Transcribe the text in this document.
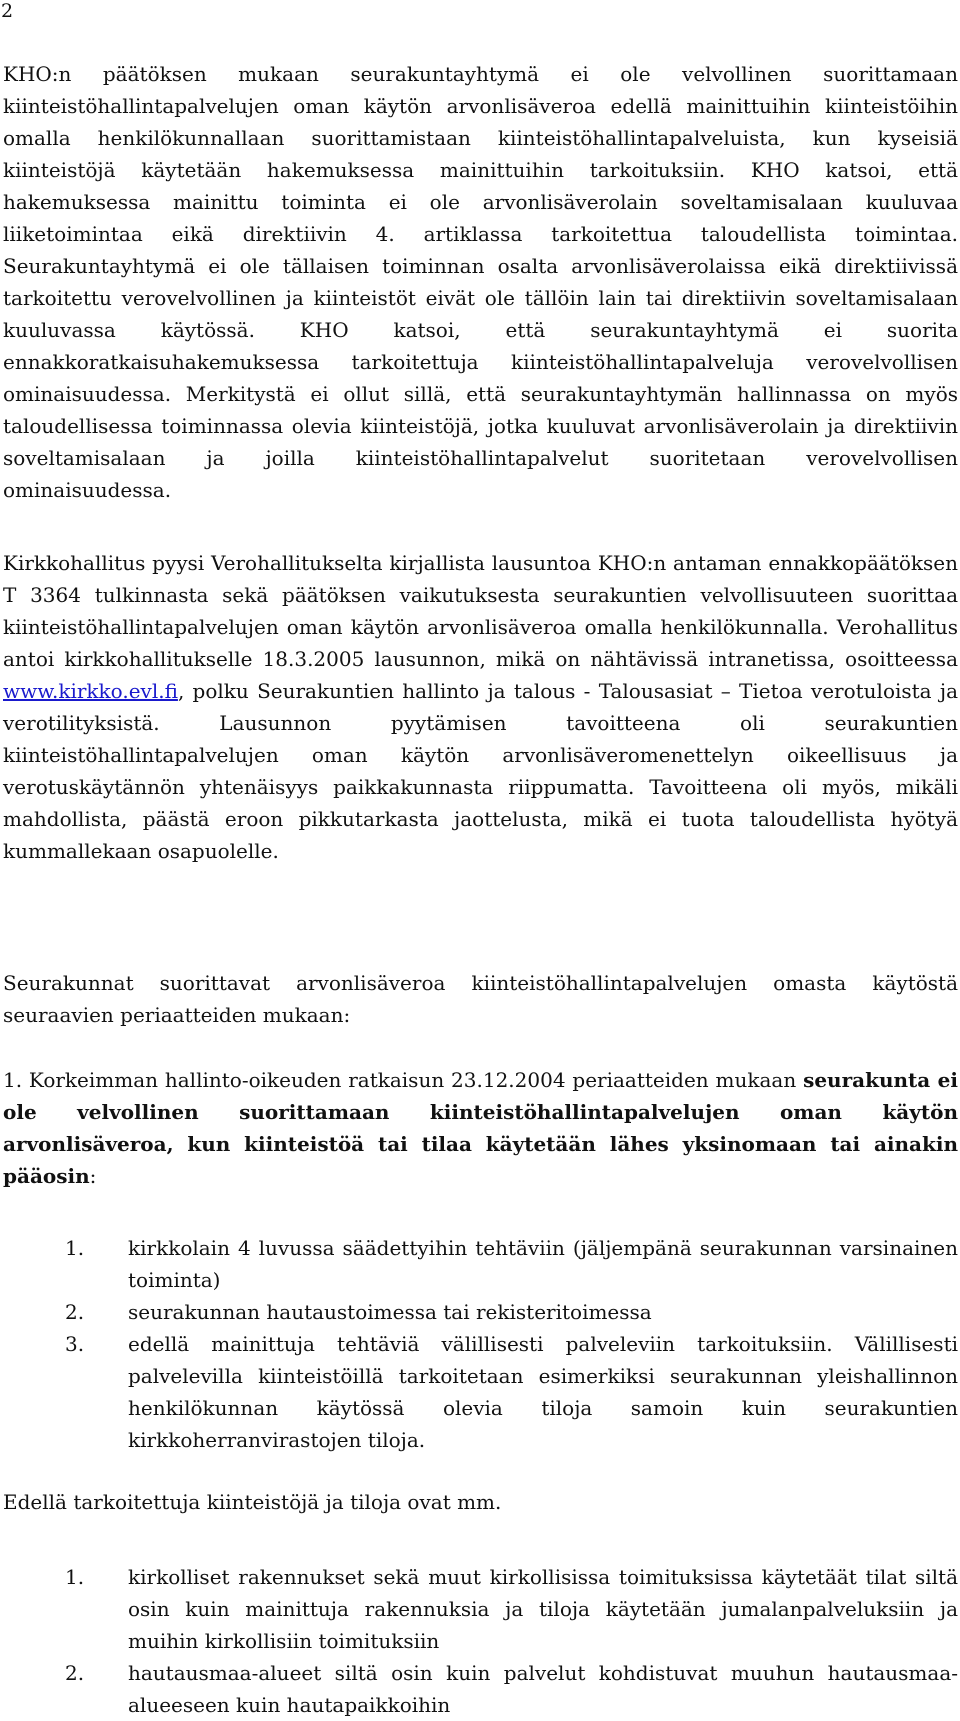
2

KHO:n päätöksen mukaan seurakuntayhtymä ei ole velvollinen suorittamaan kiinteistöhallintapalvelujen oman käytön arvonlisäveroa edellä mainittuihin kiinteistöihin omalla henkilökunnallaan suorittamistaan kiinteistöhallintapalveluista, kun kyseisiä kiinteistöjä käytetään hakemuksessa mainittuihin tarkoituksiin. KHO katsoi, että hakemuksessa mainittu toiminta ei ole arvonlisäverolain soveltamisalaan kuuluvaa liiketoimintaa eikä direktiivin 4. artiklassa tarkoitettua taloudellista toimintaa. Seurakuntayhtymä ei ole tällaisen toiminnan osalta arvonlisäverolaissa eikä direktiivissä tarkoitettu verovelvollinen ja kiinteistöt eivät ole tällöin lain tai direktiivin soveltamisalaan kuuluvassa käytössä. KHO katsoi, että seurakuntayhtymä ei suorita ennakkoratkaisuhakemuksessa tarkoitettuja kiinteistöhallintapalveluja verovelvollisen ominaisuudessa. Merkitystä ei ollut sillä, että seurakuntayhtymän hallinnassa on myös taloudellisessa toiminnassa olevia kiinteistöjä, jotka kuuluvat arvonlisäverolain ja direktiivin soveltamisalaan ja joilla kiinteistöhallintapalvelut suoritetaan verovelvollisen ominaisuudessa.

Kirkkohallitus pyysi Verohallitukselta kirjallista lausuntoa KHO:n antaman ennakkopäätöksen T 3364 tulkinnasta sekä päätöksen vaikutuksesta seurakuntien velvollisuuteen suorittaa kiinteistöhallintapalvelujen oman käytön arvonlisäveroa omalla henkilökunnalla. Verohallitus antoi kirkkohallitukselle 18.3.2005 lausunnon, mikä on nähtävissä intranetissa, osoitteessa www.kirkko.evl.fi, polku Seurakuntien hallinto ja talous - Talousasiat – Tietoa verotuloista ja verotilityksistä. Lausunnon pyytämisen tavoitteena oli seurakuntien kiinteistöhallintapalvelujen oman käytön arvonlisäveromenettelyn oikeellisuus ja verotuskäytännön yhtenäisyys paikkakunnasta riippumatta. Tavoitteena oli myös, mikäli mahdollista, päästä eroon pikkutarkasta jaottelusta, mikä ei tuota taloudellista hyötyä kummallekaan osapuolelle.

Seurakunnat suorittavat arvonlisäveroa kiinteistöhallintapalvelujen omasta käytöstä seuraavien periaatteiden mukaan:

1. Korkeimman hallinto-oikeuden ratkaisun 23.12.2004 periaatteiden mukaan seurakunta ei ole velvollinen suorittamaan kiinteistöhallintapalvelujen oman käytön arvonlisäveroa, kun kiinteistöä tai tilaa käytetään lähes yksinomaan tai ainakin pääosin:

1. kirkkolain 4 luvussa säädettyihin tehtäviin (jäljempänä seurakunnan varsinainen toiminta)
2. seurakunnan hautaustoimessa tai rekisteritoimessa
3. edellä mainittuja tehtäviä välillisesti palveleviin tarkoituksiin. Välillisesti palvelevilla kiinteistöillä tarkoitetaan esimerkiksi seurakunnan yleishallinnon henkilökunnan käytössä olevia tiloja samoin kuin seurakuntien kirkkoherranvirastojen tiloja.

Edellä tarkoitettuja kiinteistöjä ja tiloja ovat mm.

1. kirkolliset rakennukset sekä muut kirkollisissa toimituksissa käytetäät tilat siltä osin kuin mainittuja rakennuksia ja tiloja käytetään jumalanpalveluksiin ja muihin kirkollisiin toimituksiin
2. hautausmaa-alueet siltä osin kuin palvelut kohdistuvat muuhun hautausmaa-alueeseen kuin hautapaikkoihin
